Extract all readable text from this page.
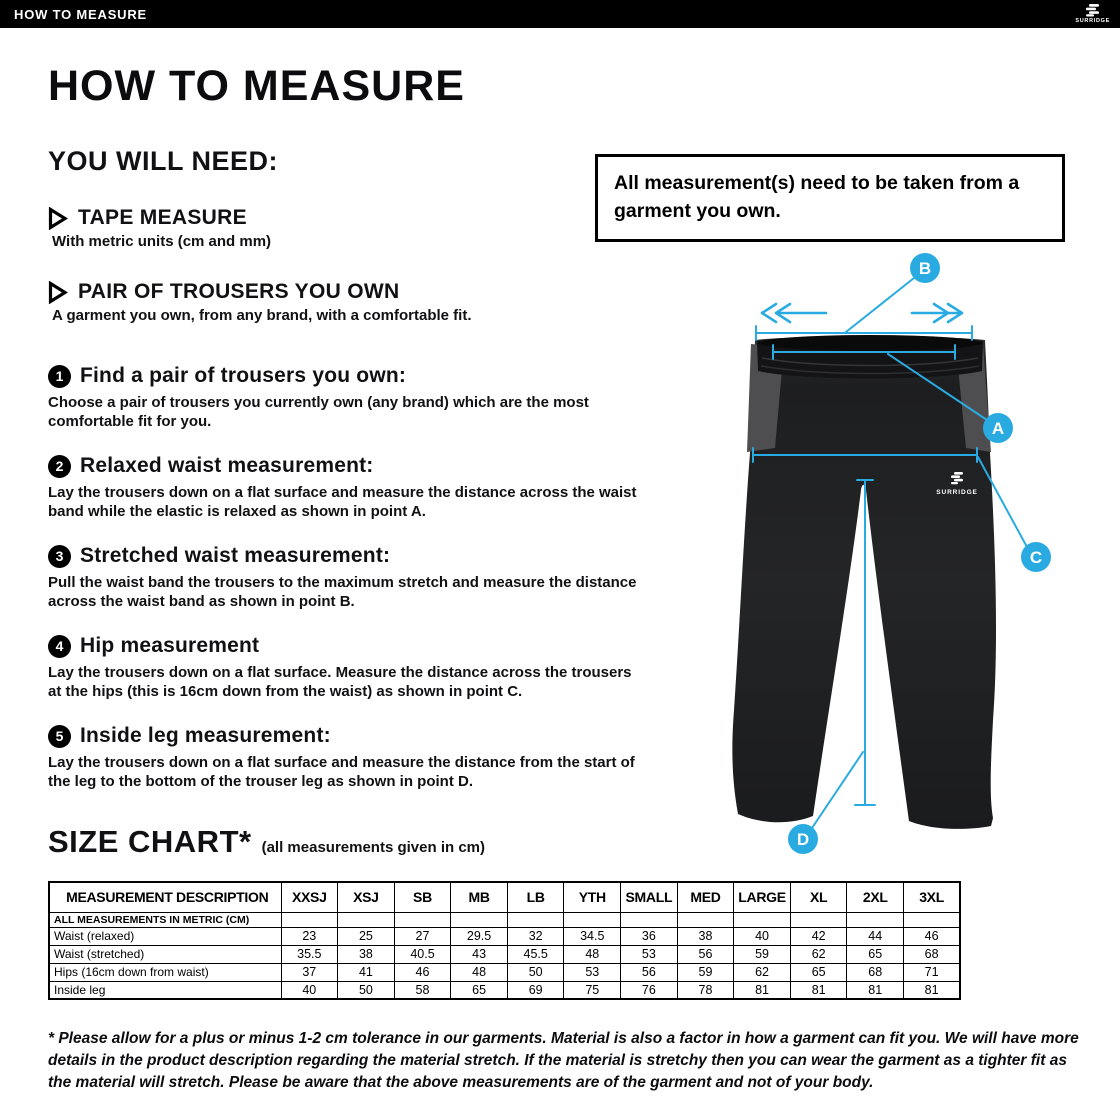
HOW TO MEASURE	SURRIDGE
HOW TO MEASURE
YOU WILL NEED:
TAPE MEASURE

With metric units (cm and mm)

PAIR OF TROUSERS YOU OWN

A garment you own, from any brand, with a comfortable fit.

All measurement(s) need to be taken from a garment you own.
1 Find a pair of trousers you own:

Choose a pair of trousers you currently own (any brand) which are the most comfortable fit for you.

2 Relaxed waist measurement:

Lay the trousers down on a flat surface and measure the distance across the waist band while the elastic is relaxed as shown in point A.

3 Stretched waist measurement:

Pull the waist band the trousers to the maximum stretch and measure the distance across the waist band as shown in point B.

4 Hip measurement

Lay the trousers down on a flat surface. Measure the distance across the trousers at the hips (this is 16cm down from the waist) as shown in point C.

5 Inside leg measurement:

Lay the trousers down on a flat surface and measure the distance from the start of the leg to the bottom of the trouser leg as shown in point D.

SURRIDGE
B
A
C
D
SIZE CHART* (all measurements given in cm)
MEASUREMENT DESCRIPTION	XXSJ	XSJ	SB	MB	LB	YTH	SMALL	MED	LARGE	XL	2XL	3XL
ALL MEASUREMENTS IN METRIC (CM)												
Waist (relaxed)	23	25	27	29.5	32	34.5	36	38	40	42	44	46
Waist (stretched)	35.5	38	40.5	43	45.5	48	53	56	59	62	65	68
Hips (16cm down from waist)	37	41	46	48	50	53	56	59	62	65	68	71
Inside leg	40	50	58	65	69	75	76	78	81	81	81	81

* Please allow for a plus or minus 1-2 cm tolerance in our garments. Material is also a factor in how a garment can fit you. We will have more details in the product description regarding the material stretch. If the material is stretchy then you can wear the garment as a tighter fit as the material will stretch. Please be aware that the above measurements are of the garment and not of your body.
